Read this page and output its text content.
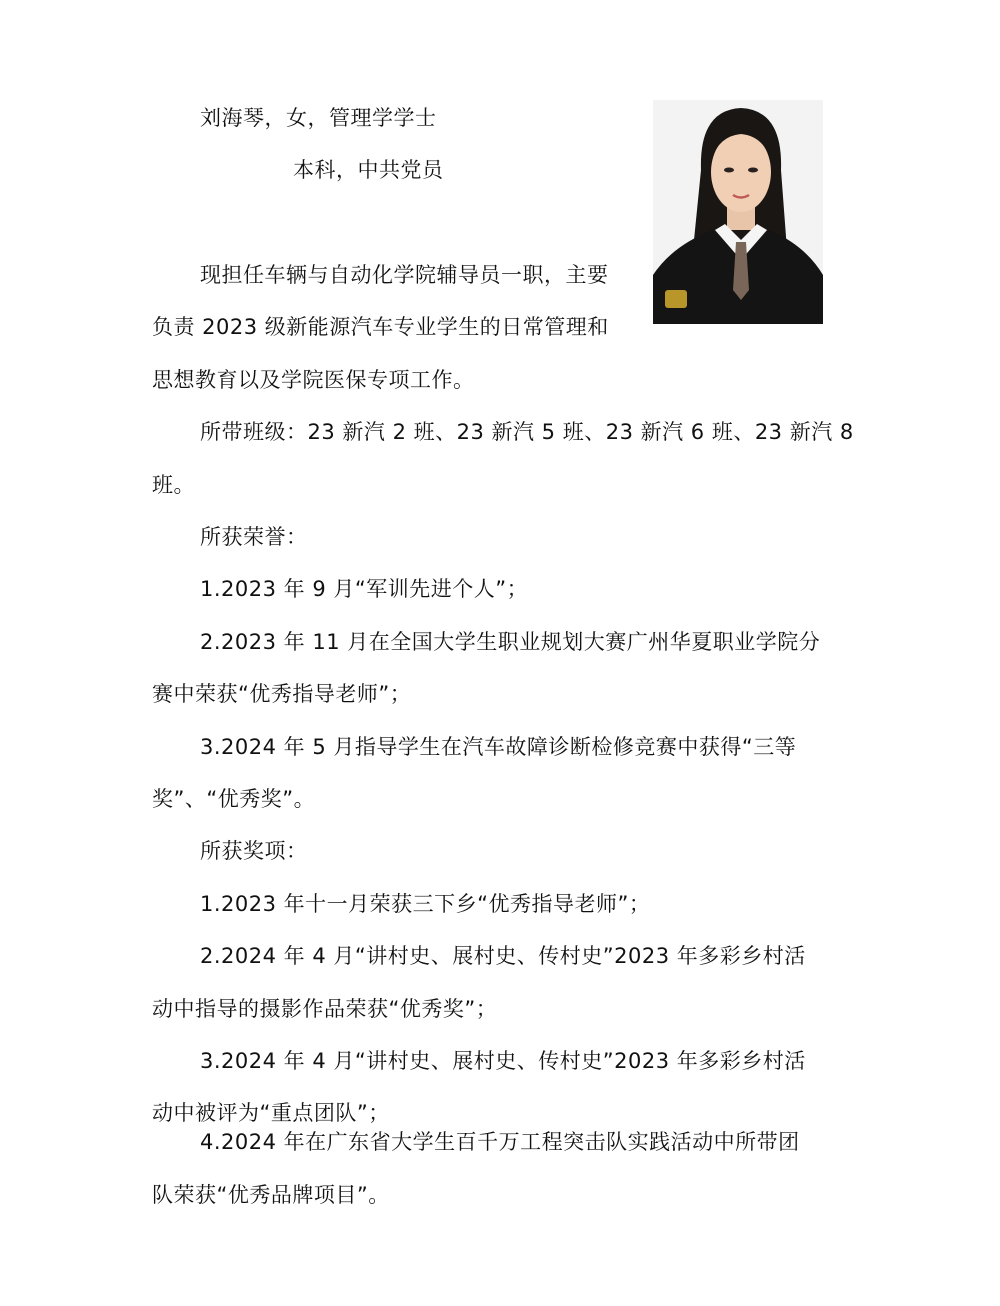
刘海琴，女，管理学学士
本科，中共党员
现担任车辆与自动化学院辅导员一职，主要
负责 2023 级新能源汽车专业学生的日常管理和
思想教育以及学院医保专项工作。
所带班级：23 新汽 2 班、23 新汽 5 班、23 新汽 6 班、23 新汽 8
班。
所获荣誉：
1.2023 年 9 月“军训先进个人”；
2.2023 年 11 月在全国大学生职业规划大赛广州华夏职业学院分
赛中荣获“优秀指导老师”；
3.2024 年 5 月指导学生在汽车故障诊断检修竞赛中获得“三等
奖”、“优秀奖”。
所获奖项：
1.2023 年十一月荣获三下乡“优秀指导老师”；
2.2024 年 4 月“讲村史、展村史、传村史”2023 年多彩乡村活
动中指导的摄影作品荣获“优秀奖”；
3.2024 年 4 月“讲村史、展村史、传村史”2023 年多彩乡村活
动中被评为“重点团队”；
4.2024 年在广东省大学生百千万工程突击队实践活动中所带团
队荣获“优秀品牌项目”。
